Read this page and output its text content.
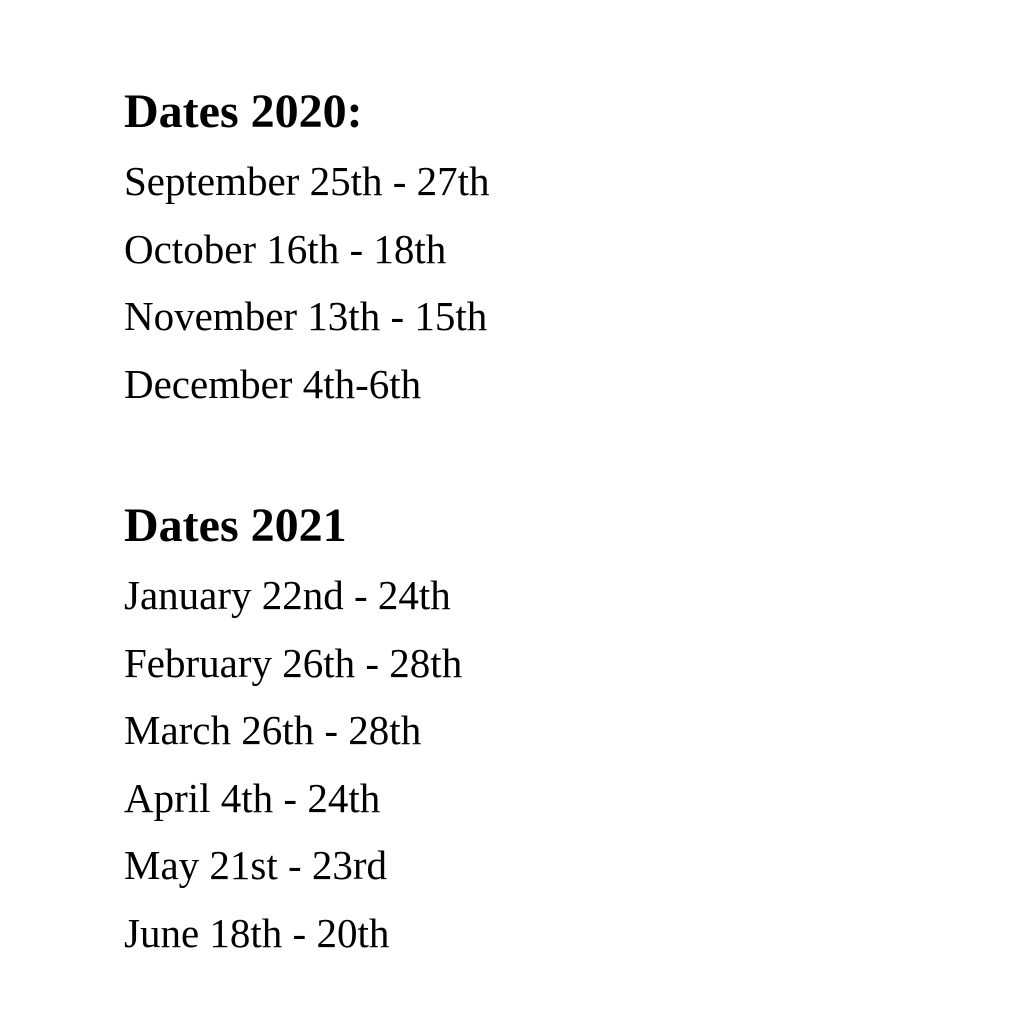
Dates 2020:
September 25th - 27th
October 16th - 18th
November 13th - 15th
December 4th-6th
Dates 2021
January 22nd - 24th
February 26th - 28th
March 26th - 28th
April 4th - 24th
May 21st - 23rd
June 18th - 20th
